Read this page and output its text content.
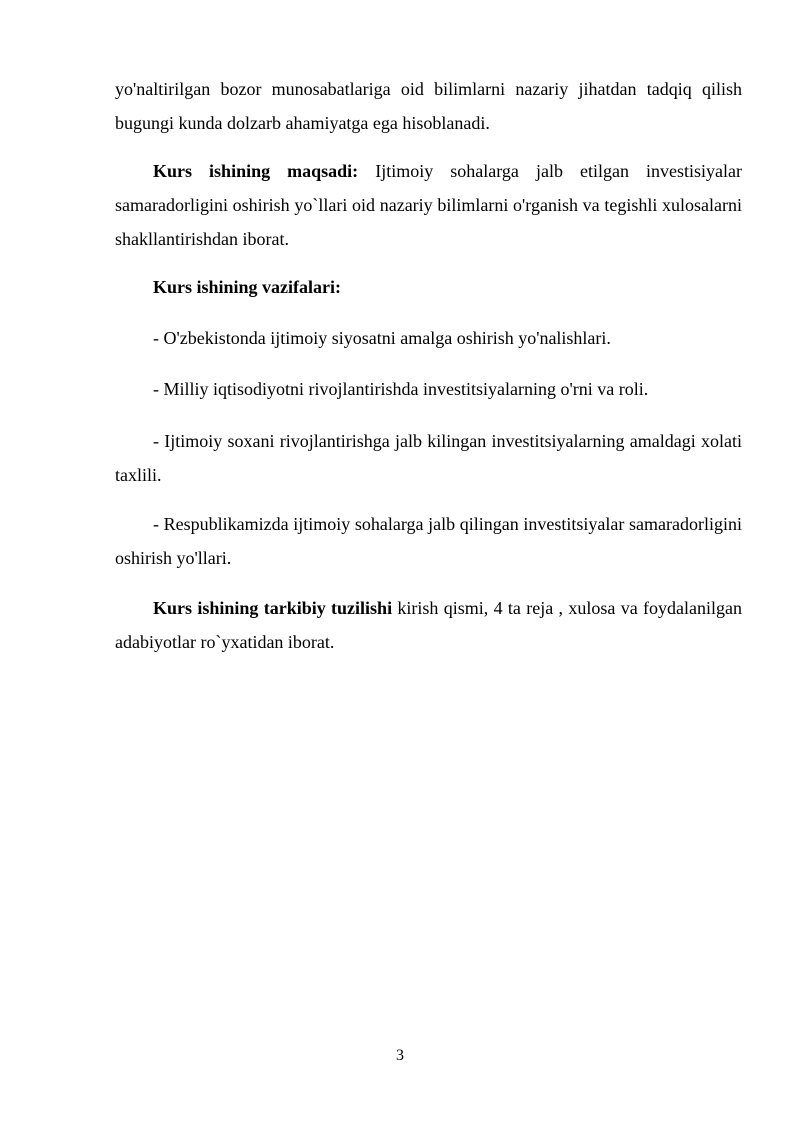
yo'naltirilgan bozor munosabatlariga oid bilimlarni nazariy jihatdan tadqiq qilish bugungi kunda dolzarb ahamiyatga ega hisoblanadi.

Kurs ishining maqsadi: Ijtimoiy sohalarga jalb etilgan investisiyalar samaradorligini oshirish yo`llari oid nazariy bilimlarni o'rganish va tegishli xulosalarni shakllantirishdan iborat.

Kurs ishining vazifalari:

- O'zbekistonda ijtimoiy siyosatni amalga oshirish yo'nalishlari.

- Milliy iqtisodiyotni rivojlantirishda investitsiyalarning o'rni va roli.

- Ijtimoiy soxani rivojlantirishga jalb kilingan investitsiyalarning amaldagi xolati taxlili.

- Respublikamizda ijtimoiy sohalarga jalb qilingan investitsiyalar samaradorligini oshirish yo'llari.

Kurs ishining tarkibiy tuzilishi kirish qismi, 4 ta reja , xulosa va foydalanilgan adabiyotlar ro`yxatidan iborat.

3
